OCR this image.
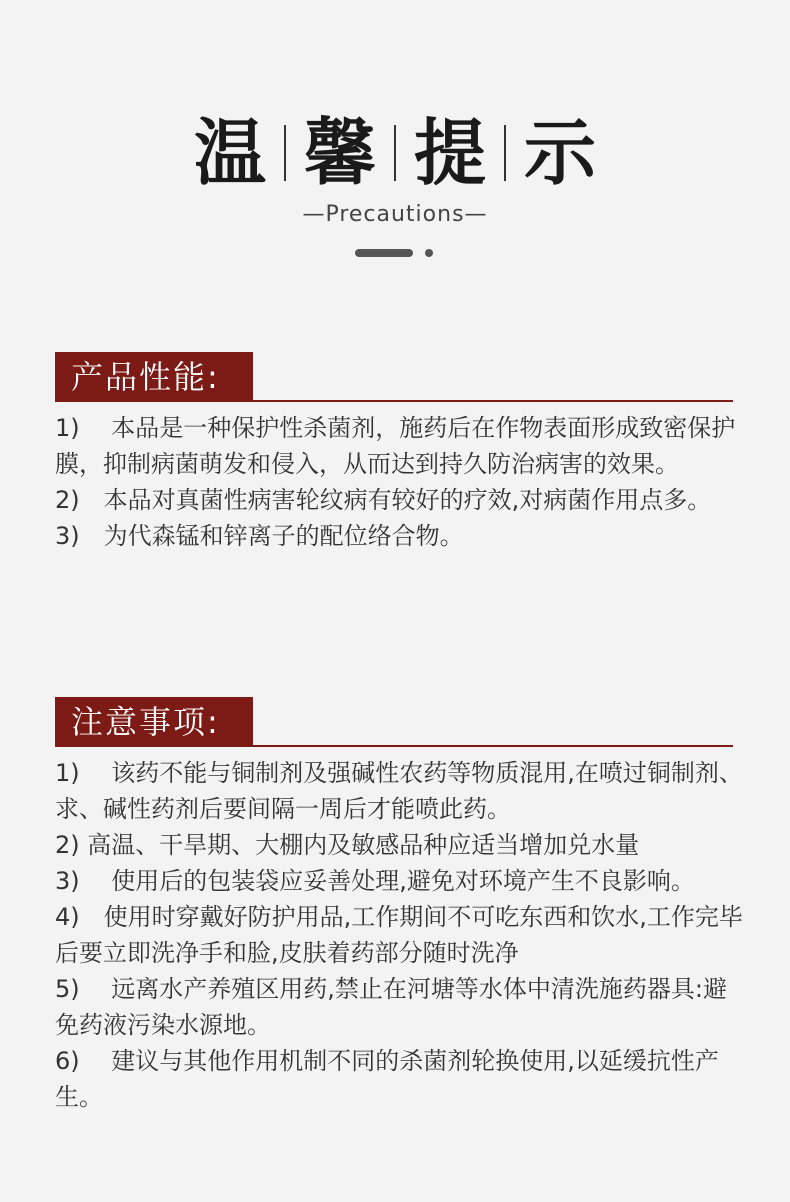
温 馨 提 示
—Precautions—
产品性能:

1)　 本品是一种保护性杀菌剂，施药后在作物表面形成致密保护膜，抑制病菌萌发和侵入，从而达到持久防治病害的效果。

2)　本品对真菌性病害轮纹病有较好的疗效,对病菌作用点多。

3)　为代森锰和锌离子的配位络合物。

注意事项:

1)　 该药不能与铜制剂及强碱性农药等物质混用,在喷过铜制剂、求、碱性药剂后要间隔一周后才能喷此药。

2) 高温、干旱期、大棚内及敏感品种应适当增加兑水量

3)　 使用后的包装袋应妥善处理,避免对环境产生不良影响。

4)　使用时穿戴好防护用品,工作期间不可吃东西和饮水,工作完毕后要立即洗净手和脸,皮肤着药部分随时洗净

5)　 远离水产养殖区用药,禁止在河塘等水体中清洗施药器具:避免药液污染水源地。

6)　 建议与其他作用机制不同的杀菌剂轮换使用,以延缓抗性产生。
